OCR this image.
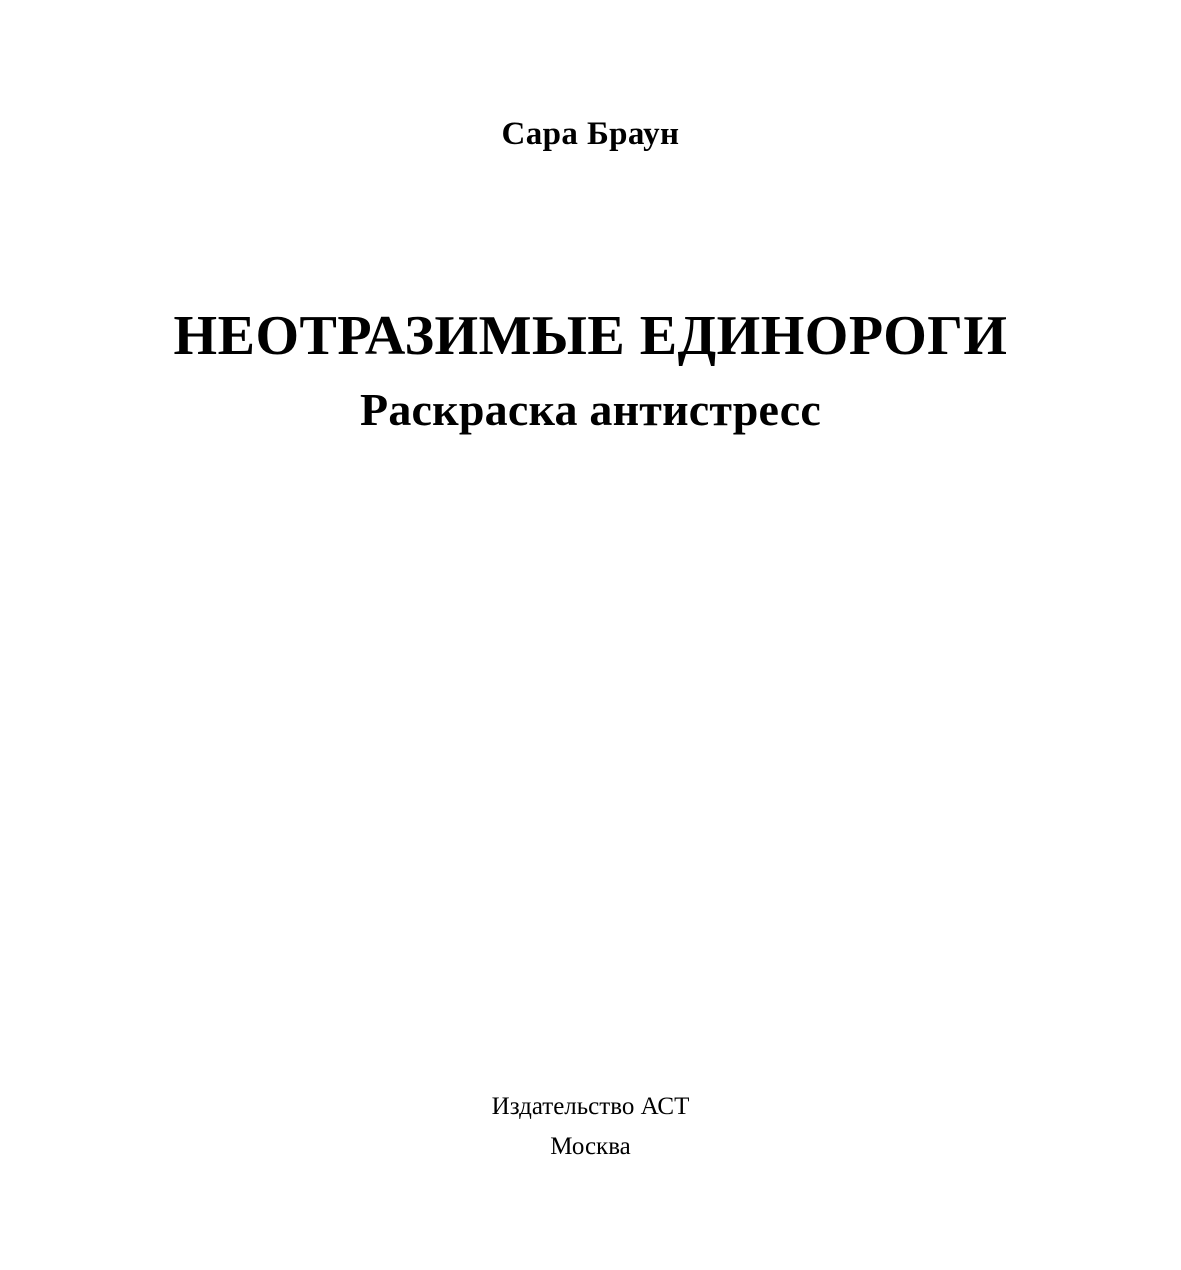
Сара Браун
НЕОТРАЗИМЫЕ ЕДИНОРОГИ
Раскраска антистресс
Издательство АСТ
Москва
